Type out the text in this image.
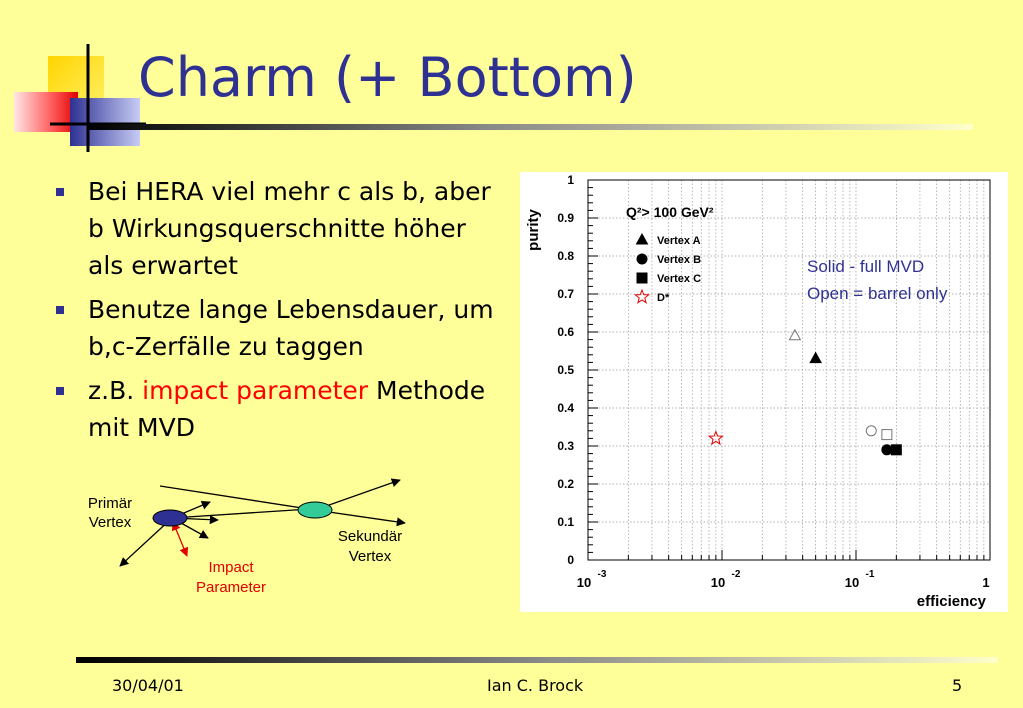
Charm (+ Bottom)
Bei HERA viel mehr c als b, aber b Wirkungsquerschnitte höher als erwartet
Benutze lange Lebensdauer, um b,c-Zerfälle zu taggen
z.B. impact parameter Methode mit MVD
Primär
Vertex
Sekundär
Vertex
Impact
Parameter
0
0.1
0.2
0.3
0.4
0.5
0.6
0.7
0.8
0.9
1
10
-3
10
-2
10
-1
1
Q²> 100 GeV²
Vertex A
Vertex B
Vertex C
D*
purity
efficiency
Solid - full MVD
Open = barrel only
30/04/01	Ian C. Brock	5
